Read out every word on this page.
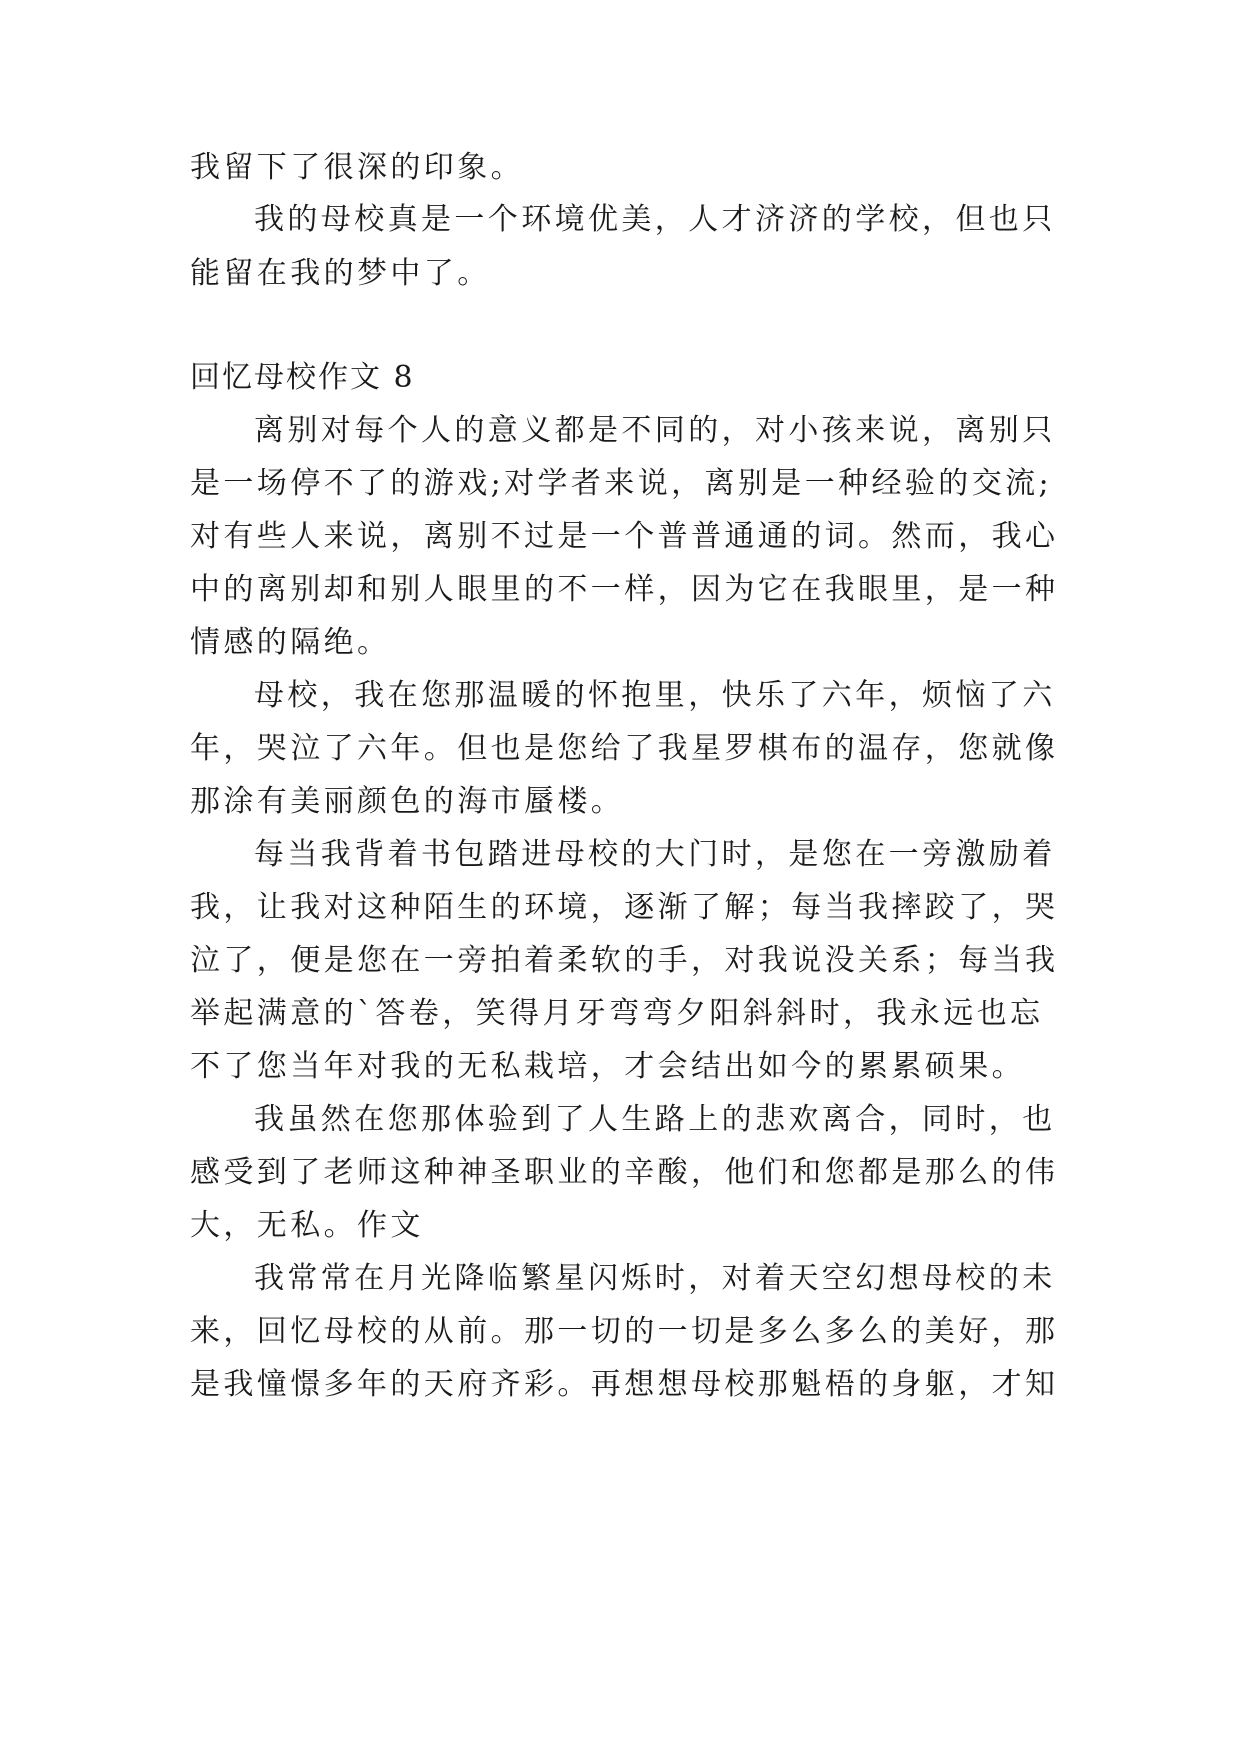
我留下了很深的印象。
我的母校真是一个环境优美，人才济济的学校，但也只
能留在我的梦中了。
回忆母校作文 8
离别对每个人的意义都是不同的，对小孩来说，离别只
是一场停不了的游戏;对学者来说，离别是一种经验的交流;
对有些人来说，离别不过是一个普普通通的词。然而，我心
中的离别却和别人眼里的不一样，因为它在我眼里，是一种
情感的隔绝。
母校，我在您那温暖的怀抱里，快乐了六年，烦恼了六
年，哭泣了六年。但也是您给了我星罗棋布的温存，您就像
那涂有美丽颜色的海市蜃楼。
每当我背着书包踏进母校的大门时，是您在一旁激励着
我，让我对这种陌生的环境，逐渐了解；每当我摔跤了，哭
泣了，便是您在一旁拍着柔软的手，对我说没关系；每当我
举起满意的`答卷，笑得月牙弯弯夕阳斜斜时，我永远也忘
不了您当年对我的无私栽培，才会结出如今的累累硕果。
我虽然在您那体验到了人生路上的悲欢离合，同时，也
感受到了老师这种神圣职业的辛酸，他们和您都是那么的伟
大，无私。作文
我常常在月光降临繁星闪烁时，对着天空幻想母校的未
来，回忆母校的从前。那一切的一切是多么多么的美好，那
是我憧憬多年的天府齐彩。再想想母校那魁梧的身躯，才知
